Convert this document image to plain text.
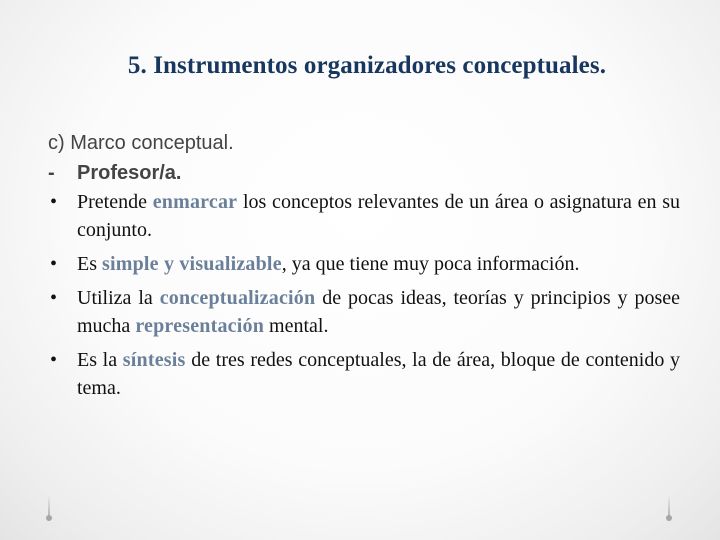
5. Instrumentos organizadores conceptuales.
c) Marco conceptual.
- Profesor/a.
• Pretende enmarcar los conceptos relevantes de un área o asignatura en su conjunto.
• Es simple y visualizable, ya que tiene muy poca información.
• Utiliza la conceptualización de pocas ideas, teorías y principios y posee mucha representación mental.
• Es la síntesis de tres redes conceptuales, la de área, bloque de contenido y tema.
